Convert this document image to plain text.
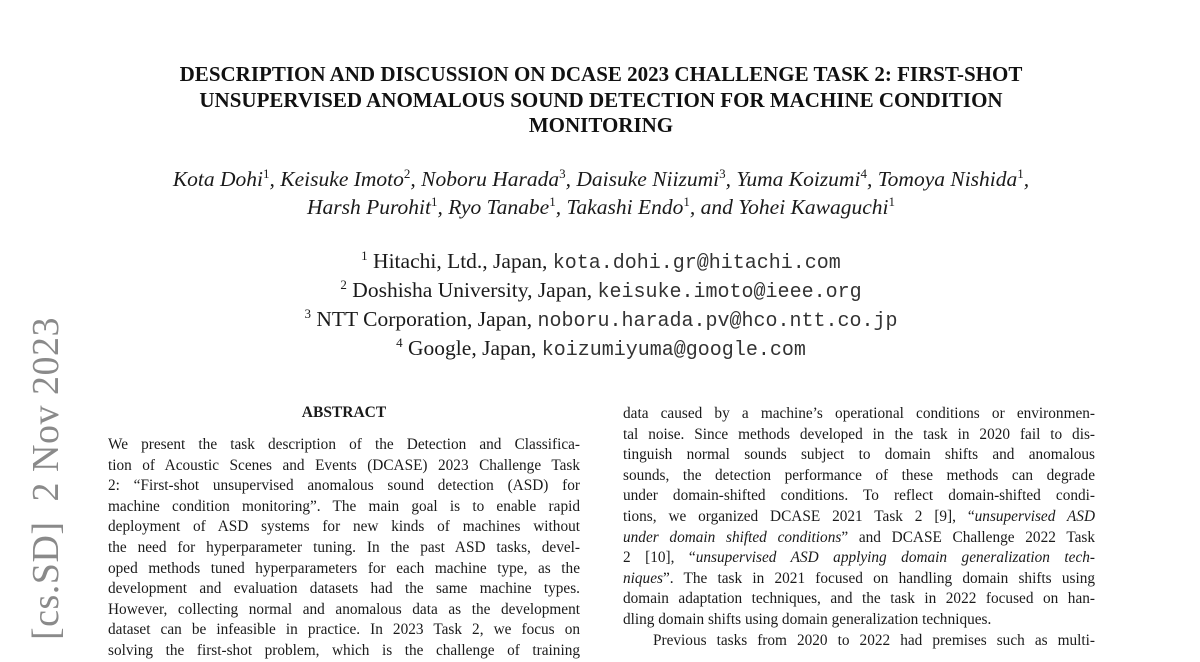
[cs.SD]  2 Nov 2023
DESCRIPTION AND DISCUSSION ON DCASE 2023 CHALLENGE TASK 2: FIRST-SHOT
UNSUPERVISED ANOMALOUS SOUND DETECTION FOR MACHINE CONDITION
MONITORING
Kota Dohi$^1$, Keisuke Imoto$^2$, Noboru Harada$^3$, Daisuke Niizumi$^3$, Yuma Koizumi$^4$, Tomoya Nishida$^1$,
Harsh Purohit$^1$, Ryo Tanabe$^1$, Takashi Endo$^1$, and Yohei Kawaguchi$^1$
$^1$ Hitachi, Ltd., Japan, kota.dohi.gr@hitachi.com
$^2$ Doshisha University, Japan, keisuke.imoto@ieee.org
$^3$ NTT Corporation, Japan, noboru.harada.pv@hco.ntt.co.jp
$^4$ Google, Japan, koizumiyuma@google.com
ABSTRACT
We present the task description of the Detection and Classifica-
tion of Acoustic Scenes and Events (DCASE) 2023 Challenge Task
2: “First-shot unsupervised anomalous sound detection (ASD) for
machine condition monitoring”. The main goal is to enable rapid
deployment of ASD systems for new kinds of machines without
the need for hyperparameter tuning. In the past ASD tasks, devel-
oped methods tuned hyperparameters for each machine type, as the
development and evaluation datasets had the same machine types.
However, collecting normal and anomalous data as the development
dataset can be infeasible in practice. In 2023 Task 2, we focus on
solving the first-shot problem, which is the challenge of training
data caused by a machine’s operational conditions or environmen-
tal noise. Since methods developed in the task in 2020 fail to dis-
tinguish normal sounds subject to domain shifts and anomalous
sounds, the detection performance of these methods can degrade
under domain-shifted conditions. To reflect domain-shifted condi-
tions, we organized DCASE 2021 Task 2 [9], “unsupervised ASD
under domain shifted conditions” and DCASE Challenge 2022 Task
2 [10], “unsupervised ASD applying domain generalization tech-
niques”. The task in 2021 focused on handling domain shifts using
domain adaptation techniques, and the task in 2022 focused on han-
dling domain shifts using domain generalization techniques.
Previous tasks from 2020 to 2022 had premises such as multi-
